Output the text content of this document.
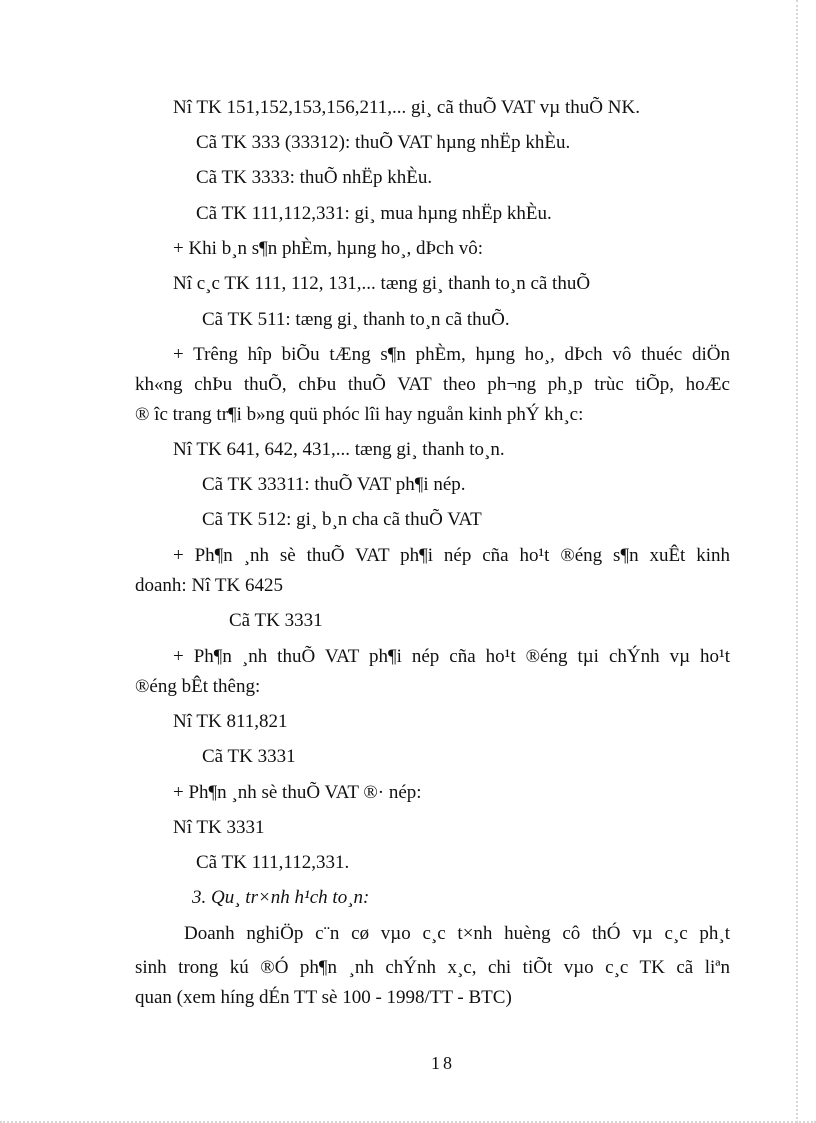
Nî TK 151,152,153,156,211,... gi¸ cã thuÕ VAT vµ thuÕ NK.
Cã TK 333 (33312): thuÕ VAT hµng nhËp khÈu.
Cã TK 3333: thuÕ nhËp khÈu.
Cã TK 111,112,331: gi¸ mua hµng nhËp khÈu.
+ Khi b¸n s¶n phÈm, hµng ho¸, dÞch vô:
Nî c¸c TK 111, 112, 131,... tæng gi¸ thanh to¸n cã thuÕ
Cã TK 511: tæng gi¸ thanh to¸n cã thuÕ.
+ Trêng hîp biÕu tÆng s¶n phÈm, hµng ho¸, dÞch vô thuéc diÖn
kh«ng chÞu thuÕ, chÞu thuÕ VAT theo ph¬ng ph¸p trùc tiÕp, hoÆc
® îc trang tr¶i b»ng quü phóc lîi hay nguån kinh phÝ kh¸c:
Nî TK 641, 642, 431,... tæng gi¸ thanh to¸n.
Cã TK 33311: thuÕ VAT ph¶i nép.
Cã TK 512: gi¸ b¸n cha cã thuÕ VAT
+ Ph¶n ¸nh sè thuÕ VAT ph¶i nép cña ho¹t ®éng s¶n xuÊt kinh
doanh: Nî TK 6425
Cã TK 3331
+ Ph¶n ¸nh thuÕ VAT ph¶i nép cña ho¹t ®éng tµi chÝnh vµ ho¹t
®éng bÊt thêng:
Nî TK 811,821
Cã TK 3331
+ Ph¶n ¸nh sè thuÕ VAT ®· nép:
Nî TK 3331
Cã TK 111,112,331.
3. Qu¸ tr×nh h¹ch to¸n:
Doanh nghiÖp c¨n cø vµo c¸c t×nh huèng cô thÓ vµ c¸c ph¸t
sinh trong kú ®Ó ph¶n ¸nh chÝnh x¸c, chi tiÕt vµo c¸c TK cã liªn
quan (xem híng dÉn TT sè 100 - 1998/TT - BTC)
18
